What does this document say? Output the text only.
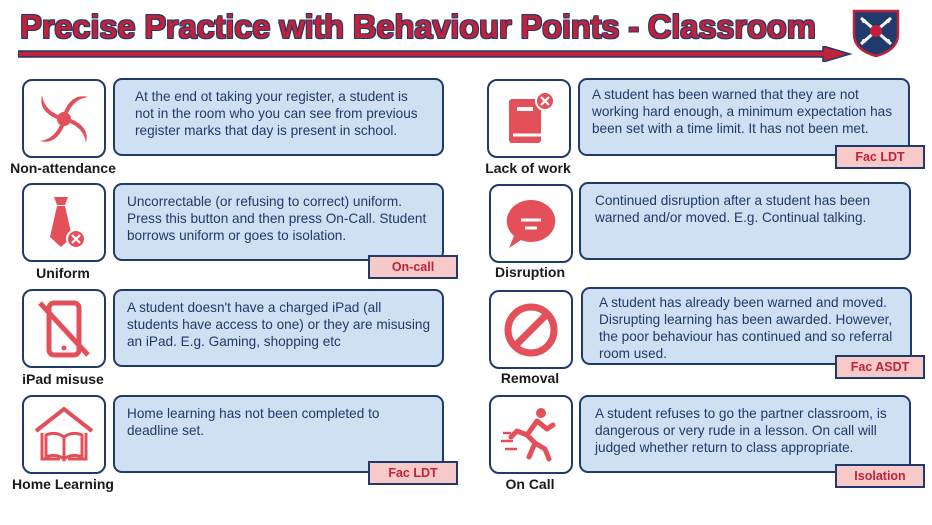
Precise Practice with Behaviour Points - Classroom
At the end ot taking your register, a student is not in the room who you can see from previous register marks that day is present in school.
Non-attendance
Uncorrectable (or refusing to correct) uniform. Press this button and then press On-Call. Student borrows uniform or goes to isolation.
Uniform	On-call
A student doesn't have a charged iPad (all students have access to one) or they are misusing an iPad. E.g. Gaming, shopping etc
iPad misuse
Home learning has not been completed to deadline set.
Home Learning
Fac LDT
A student has been warned that they are not working hard enough, a minimum expectation has been set with a time limit. It has not been met.
Lack of work
Fac LDT
Continued disruption after a student has been warned and/or moved. E.g. Continual talking.
Disruption
A student has already been warned and moved. Disrupting learning has been awarded. However, the poor behaviour has continued and so referral room used.
Removal
Fac ASDT
A student refuses to go the partner classroom, is dangerous or very rude in a lesson. On call will judged whether return to class appropriate.
On Call	Isolation
